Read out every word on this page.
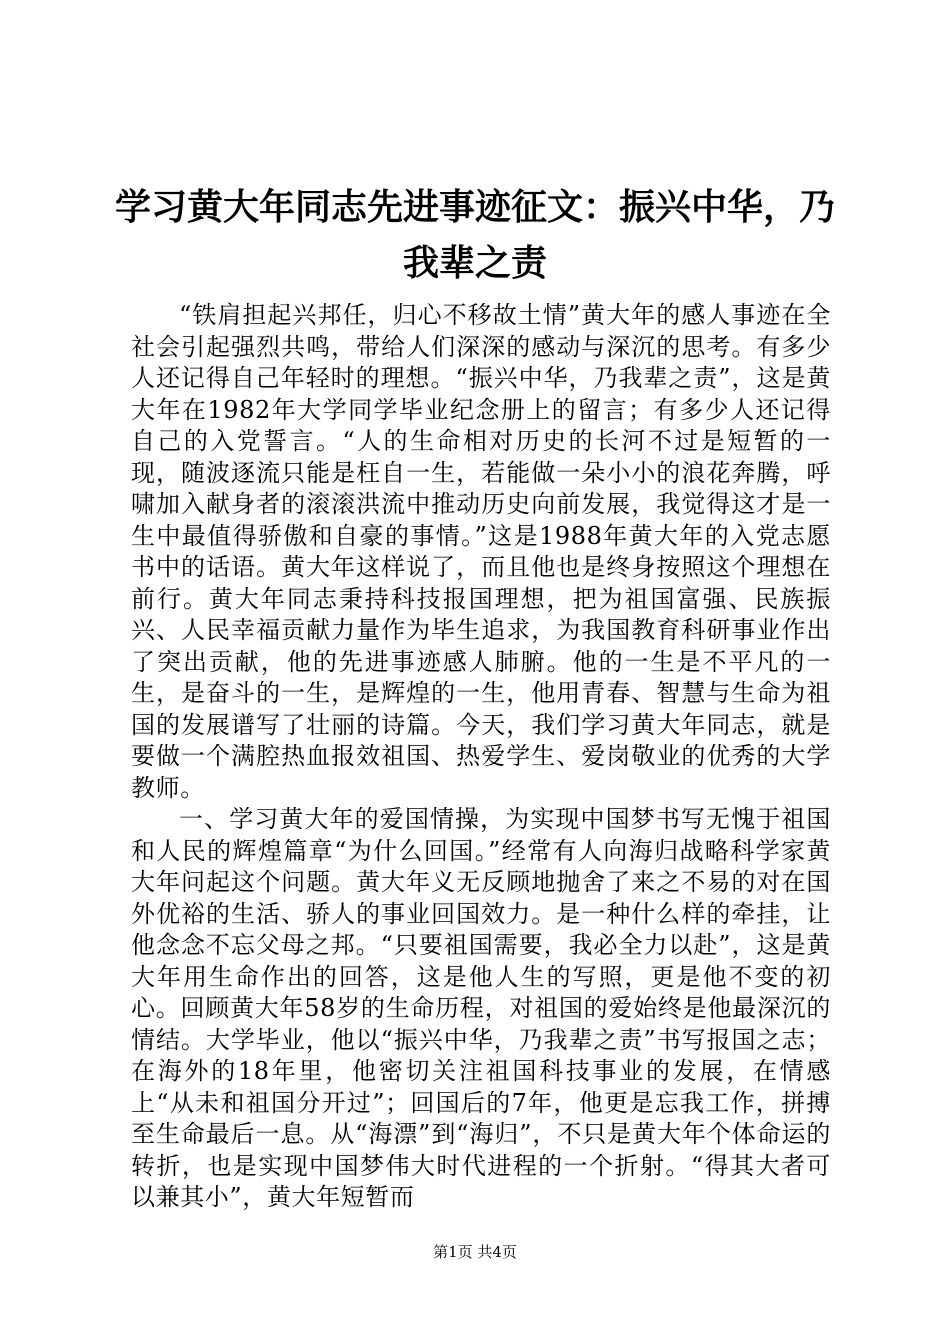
学习黄大年同志先进事迹征文：振兴中华，乃我辈之责

“铁肩担起兴邦任，归心不移故土情”黄大年的感人事迹在全社会引起强烈共鸣，带给人们深深的感动与深沉的思考。有多少人还记得自己年轻时的理想。“振兴中华，乃我辈之责”，这是黄大年在1982年大学同学毕业纪念册上的留言；有多少人还记得自己的入党誓言。“人的生命相对历史的长河不过是短暂的一现，随波逐流只能是枉自一生，若能做一朵小小的浪花奔腾，呼啸加入献身者的滚滚洪流中推动历史向前发展，我觉得这才是一生中最值得骄傲和自豪的事情。”这是1988年黄大年的入党志愿书中的话语。黄大年这样说了，而且他也是终身按照这个理想在前行。黄大年同志秉持科技报国理想，把为祖国富强、民族振兴、人民幸福贡献力量作为毕生追求，为我国教育科研事业作出了突出贡献，他的先进事迹感人肺腑。他的一生是不平凡的一生，是奋斗的一生，是辉煌的一生，他用青春、智慧与生命为祖国的发展谱写了壮丽的诗篇。今天，我们学习黄大年同志，就是要做一个满腔热血报效祖国、热爱学生、爱岗敬业的优秀的大学教师。

一、学习黄大年的爱国情操，为实现中国梦书写无愧于祖国和人民的辉煌篇章“为什么回国。”经常有人向海归战略科学家黄大年问起这个问题。黄大年义无反顾地抛舍了来之不易的对在国外优裕的生活、骄人的事业回国效力。是一种什么样的牵挂，让他念念不忘父母之邦。“只要祖国需要，我必全力以赴”，这是黄大年用生命作出的回答，这是他人生的写照，更是他不变的初心。回顾黄大年58岁的生命历程，对祖国的爱始终是他最深沉的情结。大学毕业，他以“振兴中华，乃我辈之责”书写报国之志；在海外的18年里，他密切关注祖国科技事业的发展，在情感上“从未和祖国分开过”；回国后的7年，他更是忘我工作，拼搏至生命最后一息。从“海漂”到“海归”，不只是黄大年个体命运的转折，也是实现中国梦伟大时代进程的一个折射。“得其大者可以兼其小”，黄大年短暂而

第1页 共4页
